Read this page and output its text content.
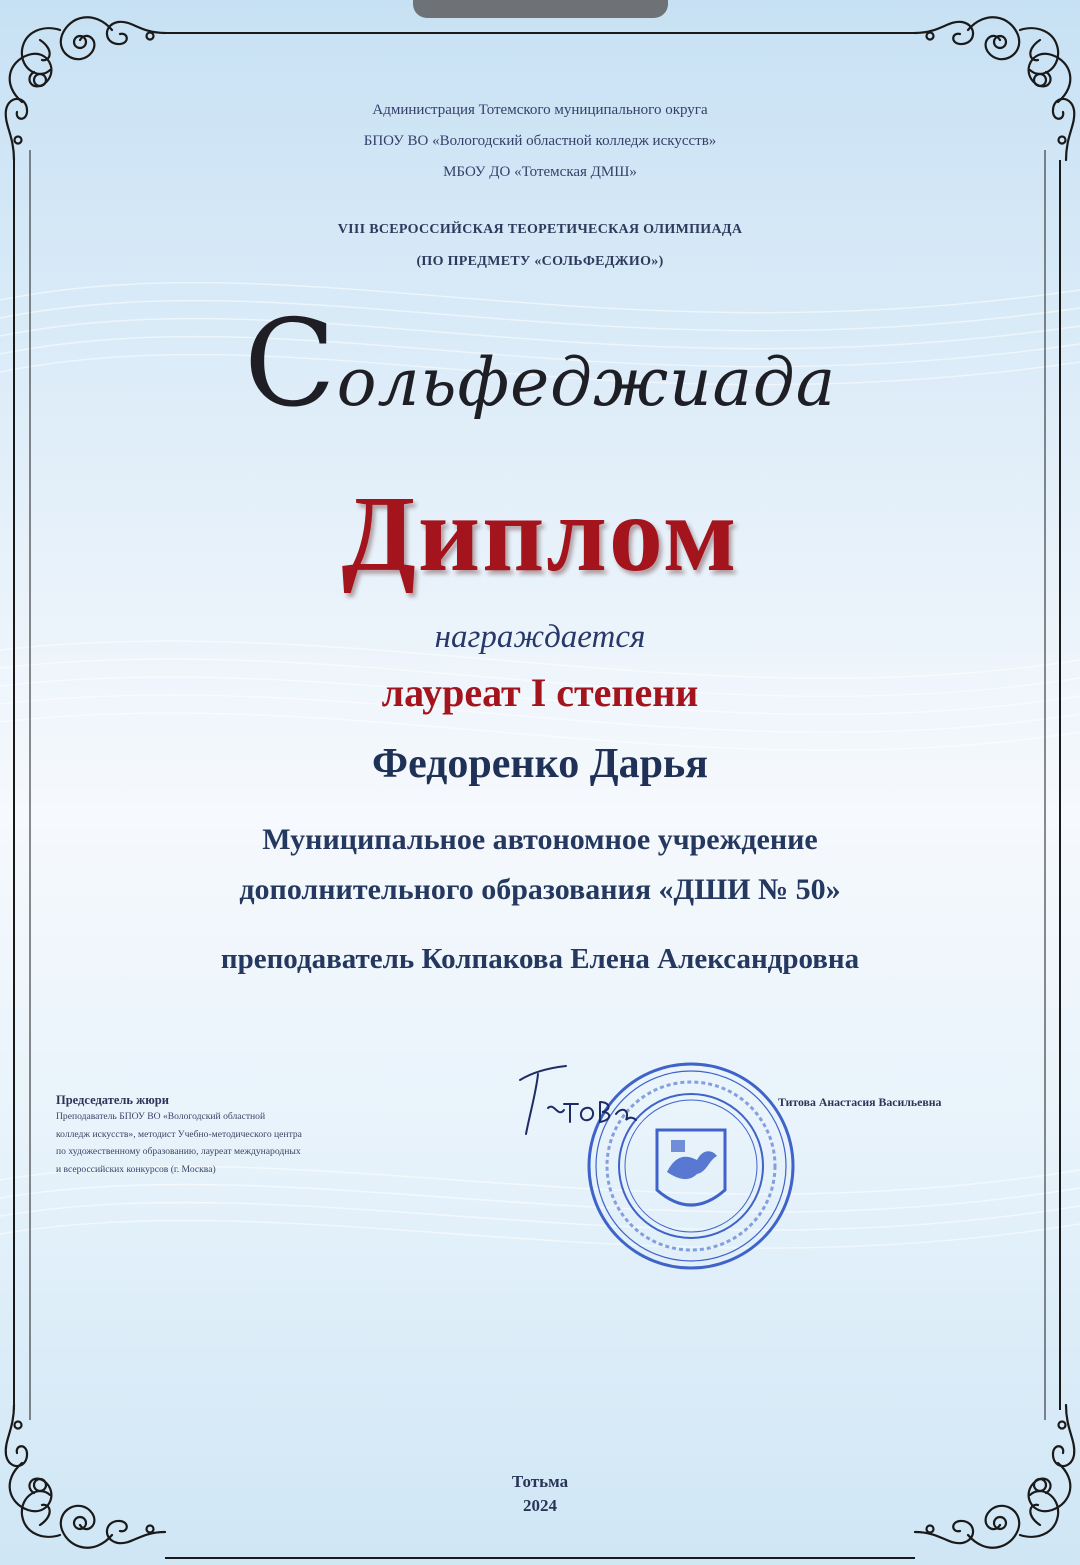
Администрация Тотемского муниципального округа
БПОУ ВО «Вологодский областной колледж искусств»
МБОУ ДО «Тотемская ДМШ»
VIII ВСЕРОССИЙСКАЯ ТЕОРЕТИЧЕСКАЯ ОЛИМПИАДА
(ПО ПРЕДМЕТУ «СОЛЬФЕДЖИО»)
Сольфеджиада
Диплом
награждается
лауреат I степени
Федоренко Дарья
Муниципальное автономное учреждение
дополнительного образования «ДШИ № 50»
преподаватель Колпакова Елена Александровна
Председатель жюри
Преподаватель БПОУ ВО «Вологодский областной
колледж искусств», методист Учебно-методического центра
по художественному образованию, лауреат международных
и всероссийских конкурсов (г. Москва)
Титова Анастасия Васильевна
Тотьма
2024
